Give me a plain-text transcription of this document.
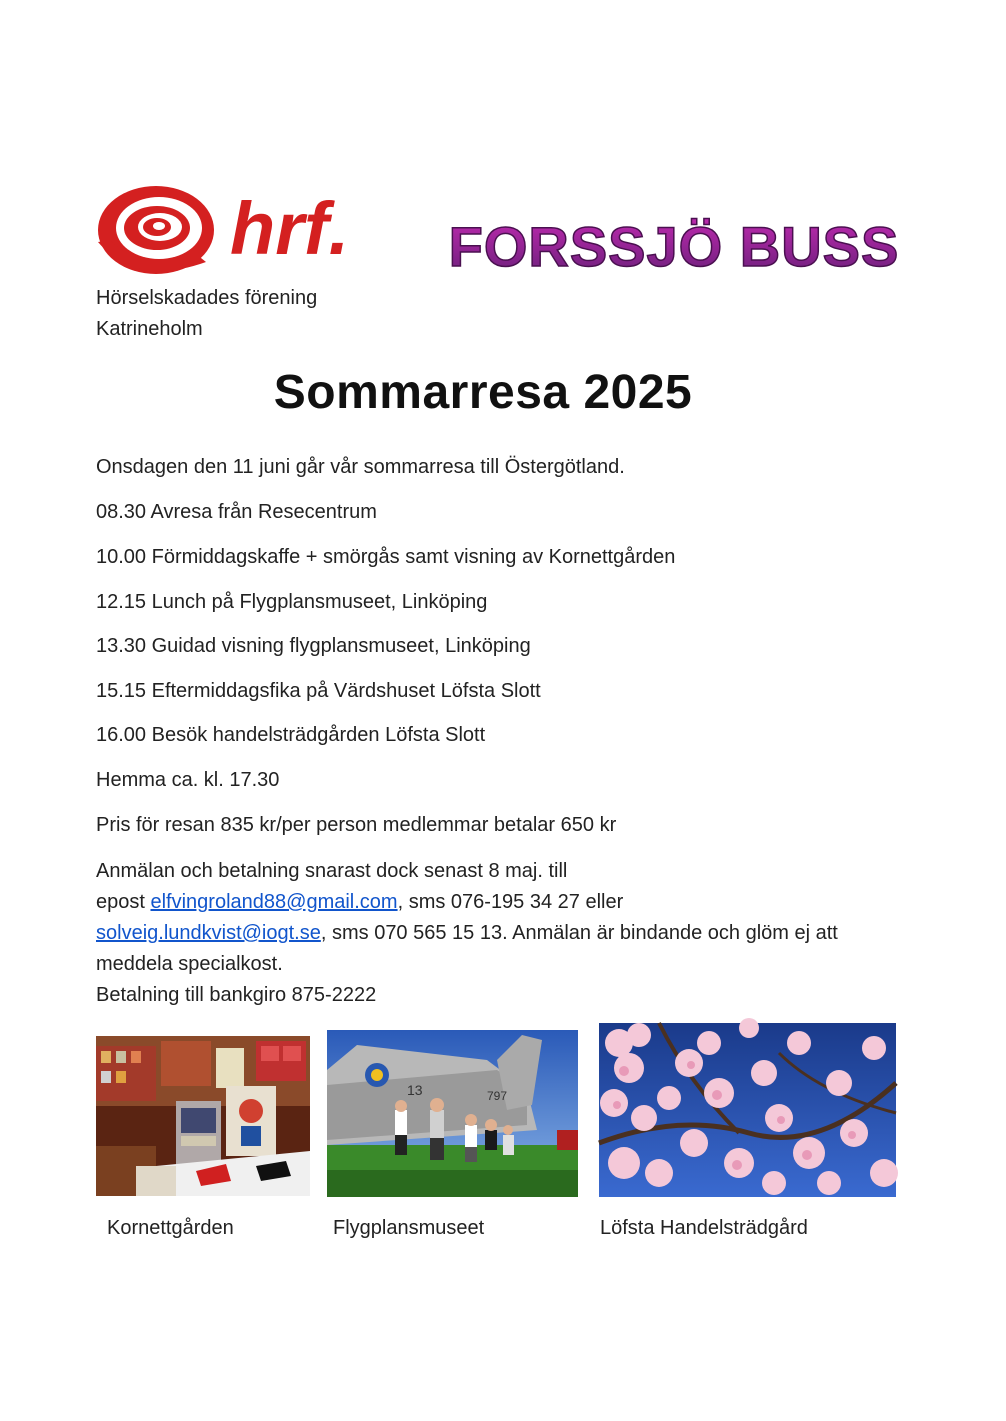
hrf.
Hörselskadades förening
Katrineholm
FORSSJÖ BUSS
Sommarresa 2025
Onsdagen den 11 juni går vår sommarresa till Östergötland.
08.30 Avresa från Resecentrum
10.00 Förmiddagskaffe + smörgås samt visning av Kornettgården
12.15 Lunch på Flygplansmuseet, Linköping
13.30 Guidad visning flygplansmuseet, Linköping
15.15 Eftermiddagsfika på Värdshuset Löfsta Slott
16.00 Besök handelsträdgården Löfsta Slott
Hemma ca. kl. 17.30
Pris för resan 835 kr/per person medlemmar betalar 650 kr
Anmälan och betalning snarast dock senast 8 maj. till
epost elfvingroland88@gmail.com, sms 076-195 34 27 eller
solveig.lundkvist@iogt.se, sms 070 565 15 13. Anmälan är bindande och glöm ej att
meddela specialkost.
Betalning till bankgiro 875-2222
13	797
Kornettgården	Flygplansmuseet	Löfsta Handelsträdgård
